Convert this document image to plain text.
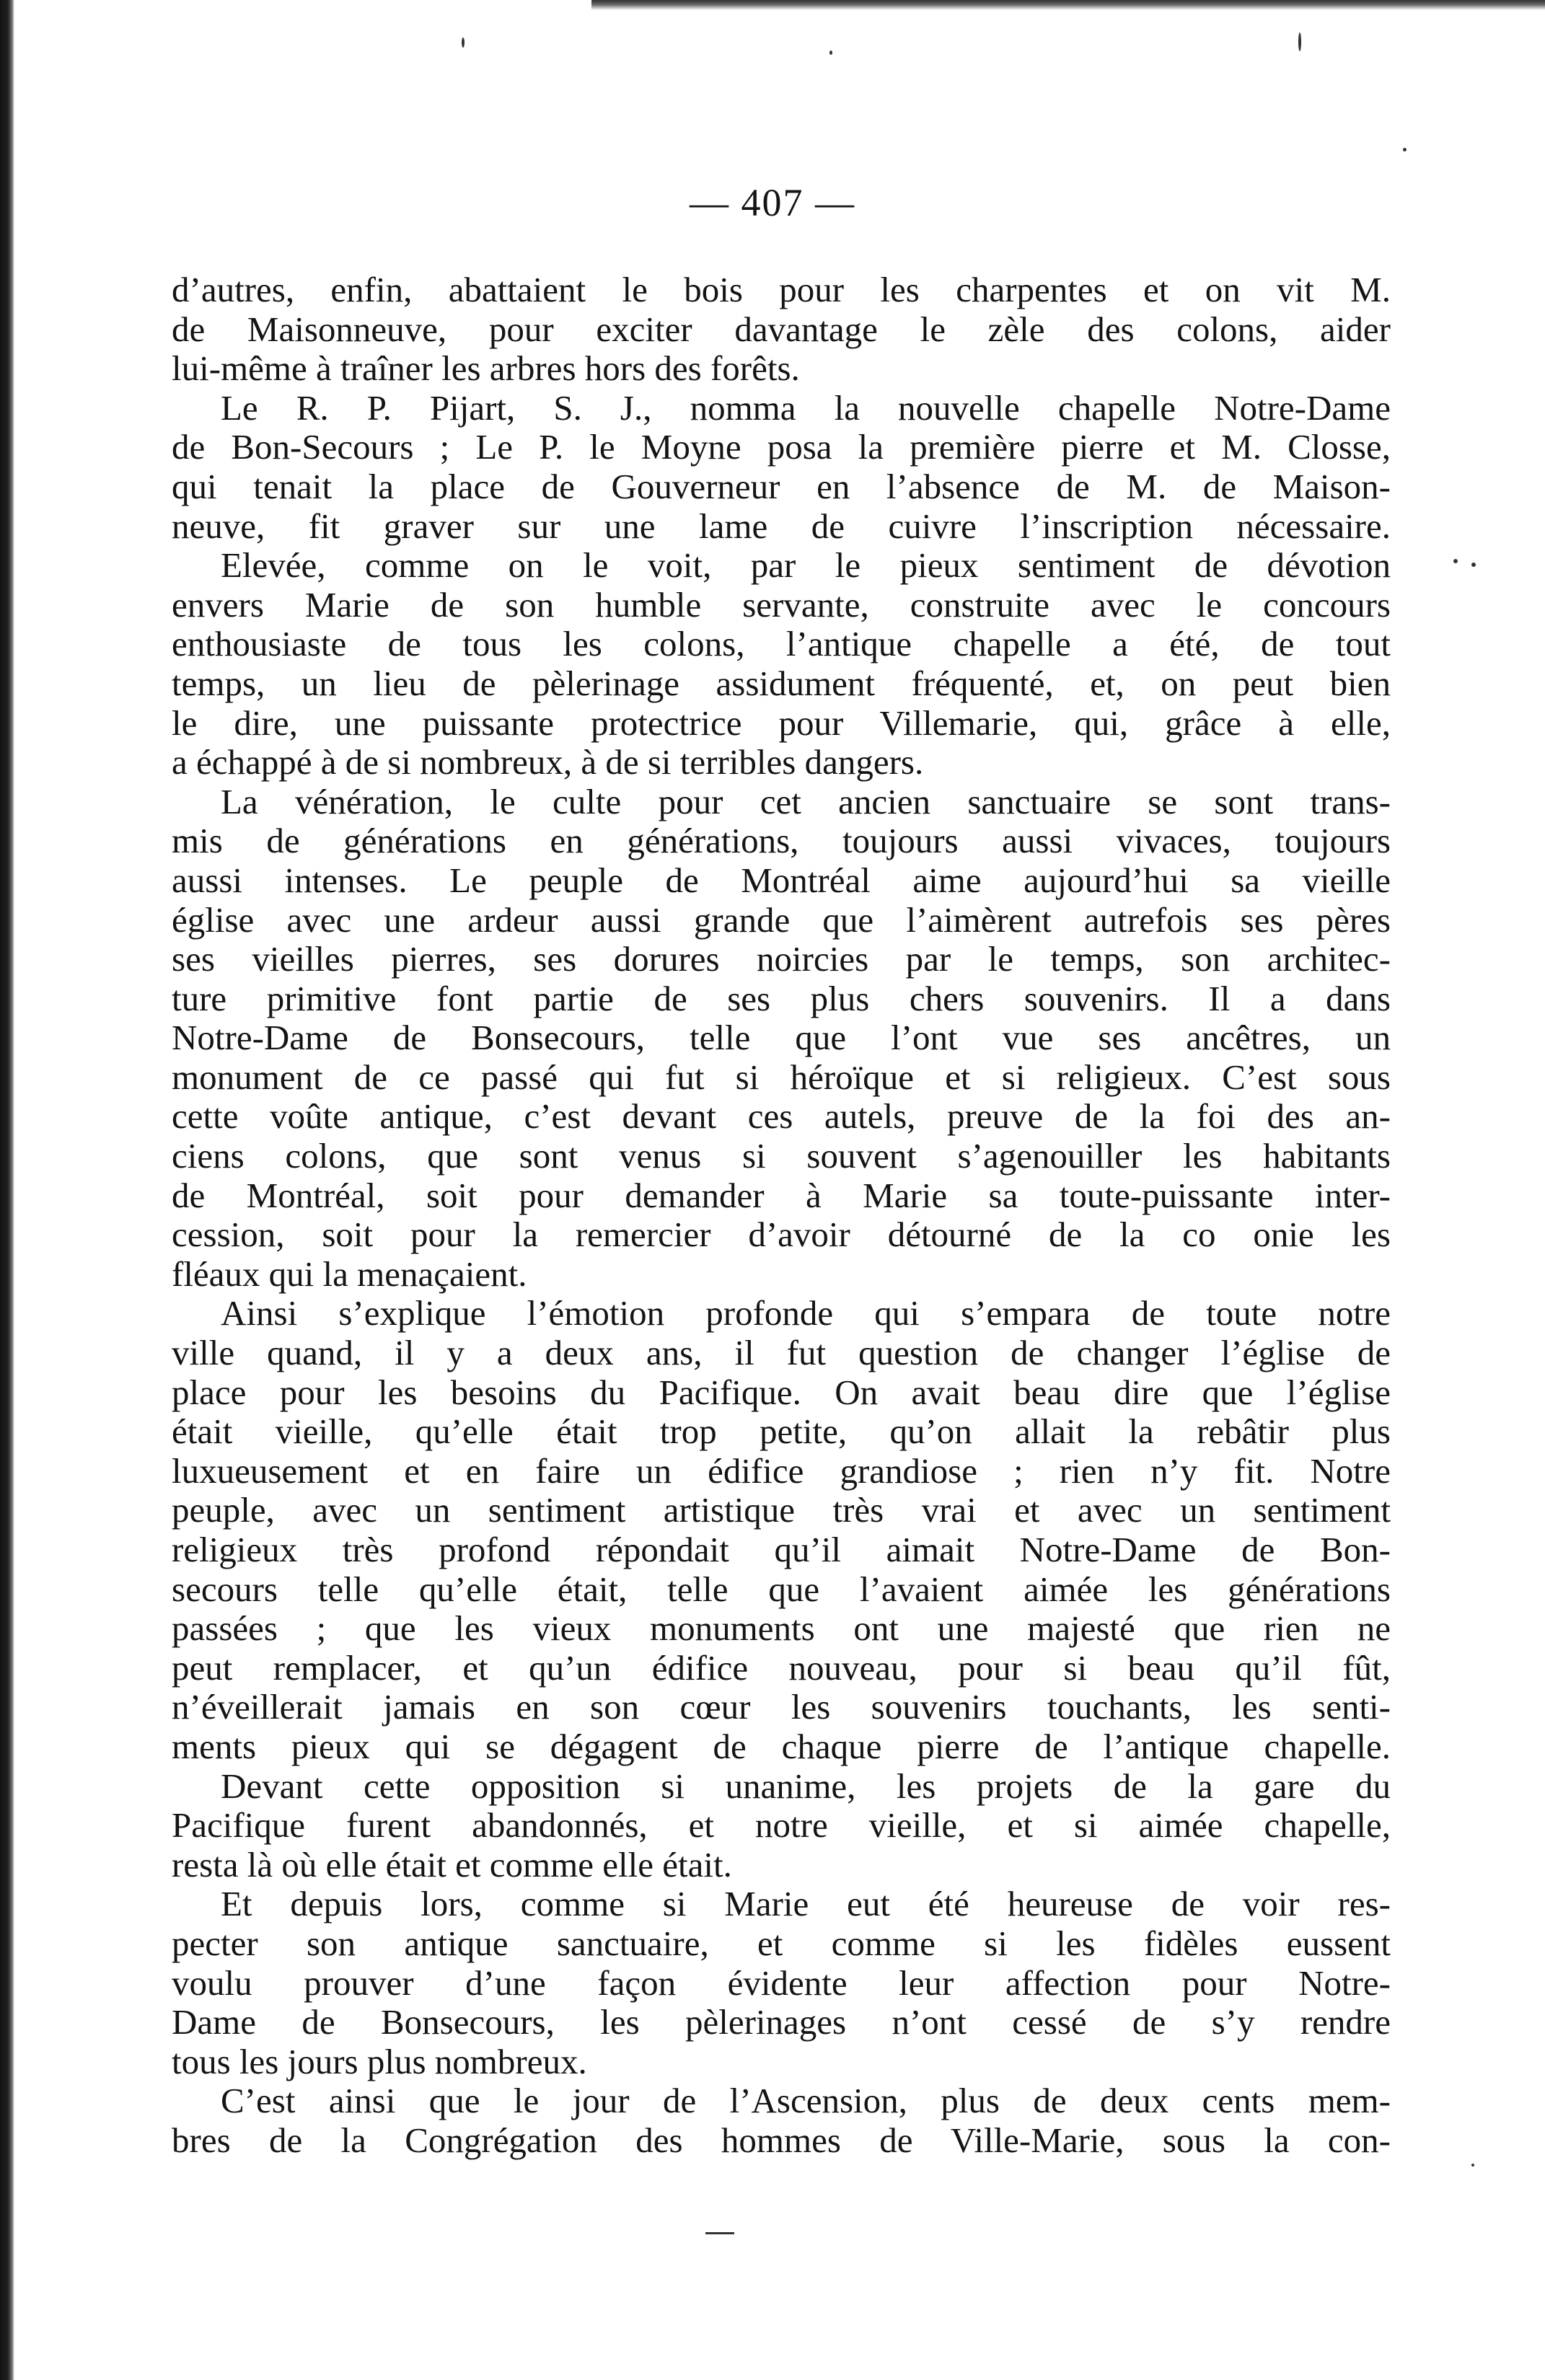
— 407 —
d’autres, enfin, abattaient le bois pour les charpentes et on vit M.
de Maisonneuve, pour exciter davantage le zèle des colons, aider
lui-même à traîner les arbres hors des forêts.
Le R. P. Pijart, S. J., nomma la nouvelle chapelle Notre-Dame
de Bon-Secours ; Le P. le Moyne posa la première pierre et M. Closse,
qui tenait la place de Gouverneur en l’absence de M. de Maison-
neuve, fit graver sur une lame de cuivre l’inscription nécessaire.
Elevée, comme on le voit, par le pieux sentiment de dévotion
envers Marie de son humble servante, construite avec le concours
enthousiaste de tous les colons, l’antique chapelle a été, de tout
temps, un lieu de pèlerinage assidument fréquenté, et, on peut bien
le dire, une puissante protectrice pour Villemarie, qui, grâce à elle,
a échappé à de si nombreux, à de si terribles dangers.
La vénération, le culte pour cet ancien sanctuaire se sont trans-
mis de générations en générations, toujours aussi vivaces, toujours
aussi intenses. Le peuple de Montréal aime aujourd’hui sa vieille
église avec une ardeur aussi grande que l’aimèrent autrefois ses pères
ses vieilles pierres, ses dorures noircies par le temps, son architec-
ture primitive font partie de ses plus chers souvenirs. Il a dans
Notre-Dame de Bonsecours, telle que l’ont vue ses ancêtres, un
monument de ce passé qui fut si héroïque et si religieux. C’est sous
cette voûte antique, c’est devant ces autels, preuve de la foi des an-
ciens colons, que sont venus si souvent s’agenouiller les habitants
de Montréal, soit pour demander à Marie sa toute-puissante inter-
cession, soit pour la remercier d’avoir détourné de la co onie les
fléaux qui la menaçaient.
Ainsi s’explique l’émotion profonde qui s’empara de toute notre
ville quand, il y a deux ans, il fut question de changer l’église de
place pour les besoins du Pacifique. On avait beau dire que l’église
était vieille, qu’elle était trop petite, qu’on allait la rebâtir plus
luxueusement et en faire un édifice grandiose ; rien n’y fit. Notre
peuple, avec un sentiment artistique très vrai et avec un sentiment
religieux très profond répondait qu’il aimait Notre-Dame de Bon-
secours telle qu’elle était, telle que l’avaient aimée les générations
passées ; que les vieux monuments ont une majesté que rien ne
peut remplacer, et qu’un édifice nouveau, pour si beau qu’il fût,
n’éveillerait jamais en son cœur les souvenirs touchants, les senti-
ments pieux qui se dégagent de chaque pierre de l’antique chapelle.
Devant cette opposition si unanime, les projets de la gare du
Pacifique furent abandonnés, et notre vieille, et si aimée chapelle,
resta là où elle était et comme elle était.
Et depuis lors, comme si Marie eut été heureuse de voir res-
pecter son antique sanctuaire, et comme si les fidèles eussent
voulu prouver d’une façon évidente leur affection pour Notre-
Dame de Bonsecours, les pèlerinages n’ont cessé de s’y rendre
tous les jours plus nombreux.
C’est ainsi que le jour de l’Ascension, plus de deux cents mem-
bres de la Congrégation des hommes de Ville-Marie, sous la con-
